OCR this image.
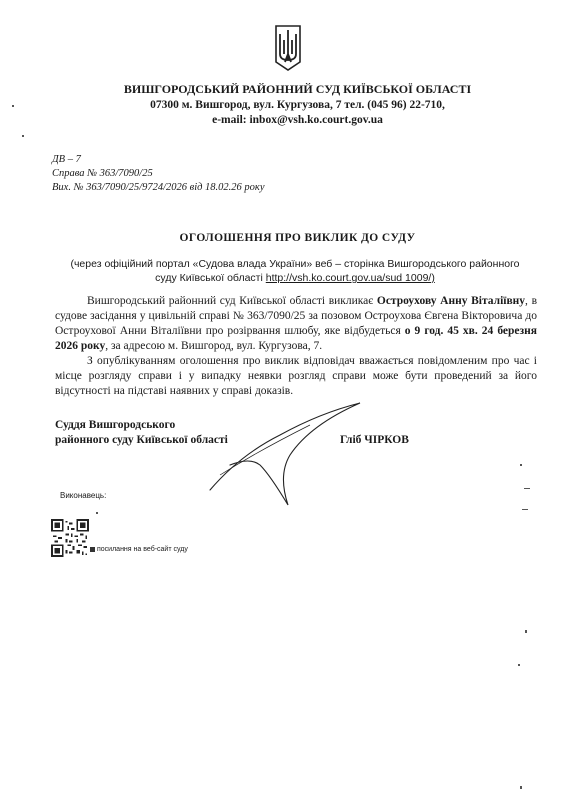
ВИШГОРОДСЬКИЙ РАЙОННИЙ СУД КИЇВСЬКОЇ ОБЛАСТІ
07300 м. Вишгород, вул. Кургузова, 7 тел. (045 96) 22-710,
e-mail: inbox@vsh.ko.court.gov.ua
ДВ – 7
Справа № 363/7090/25
Вих. № 363/7090/25/9724/2026 від 18.02.26 року
ОГОЛОШЕННЯ ПРО ВИКЛИК ДО СУДУ
(через офіційний портал «Судова влада України» веб – сторінка Вишгородського районного
суду Київської області http://vsh.ko.court.gov.ua/sud 1009/)

Вишгородський районний суд Київської області викликає Остроухову Анну Віталіївну, в судове засідання у цивільній справі № 363/7090/25 за позовом Остроухова Євгена Вікторовича до Остроухової Анни Віталіївни про розірвання шлюбу, яке відбудеться о 9 год. 45 хв. 24 березня 2026 року, за адресою м. Вишгород, вул. Кургузова, 7.

З опублікуванням оголошення про виклик відповідач вважається повідомленим про час і місце розгляду справи і у випадку неявки розгляд справи може бути проведений за його відсутності на підставі наявних у справі доказів.

Суддя Вишгородського
районного суду Київської області	Гліб ЧІРКОВ
Виконавець:
посилання на веб-сайт суду
